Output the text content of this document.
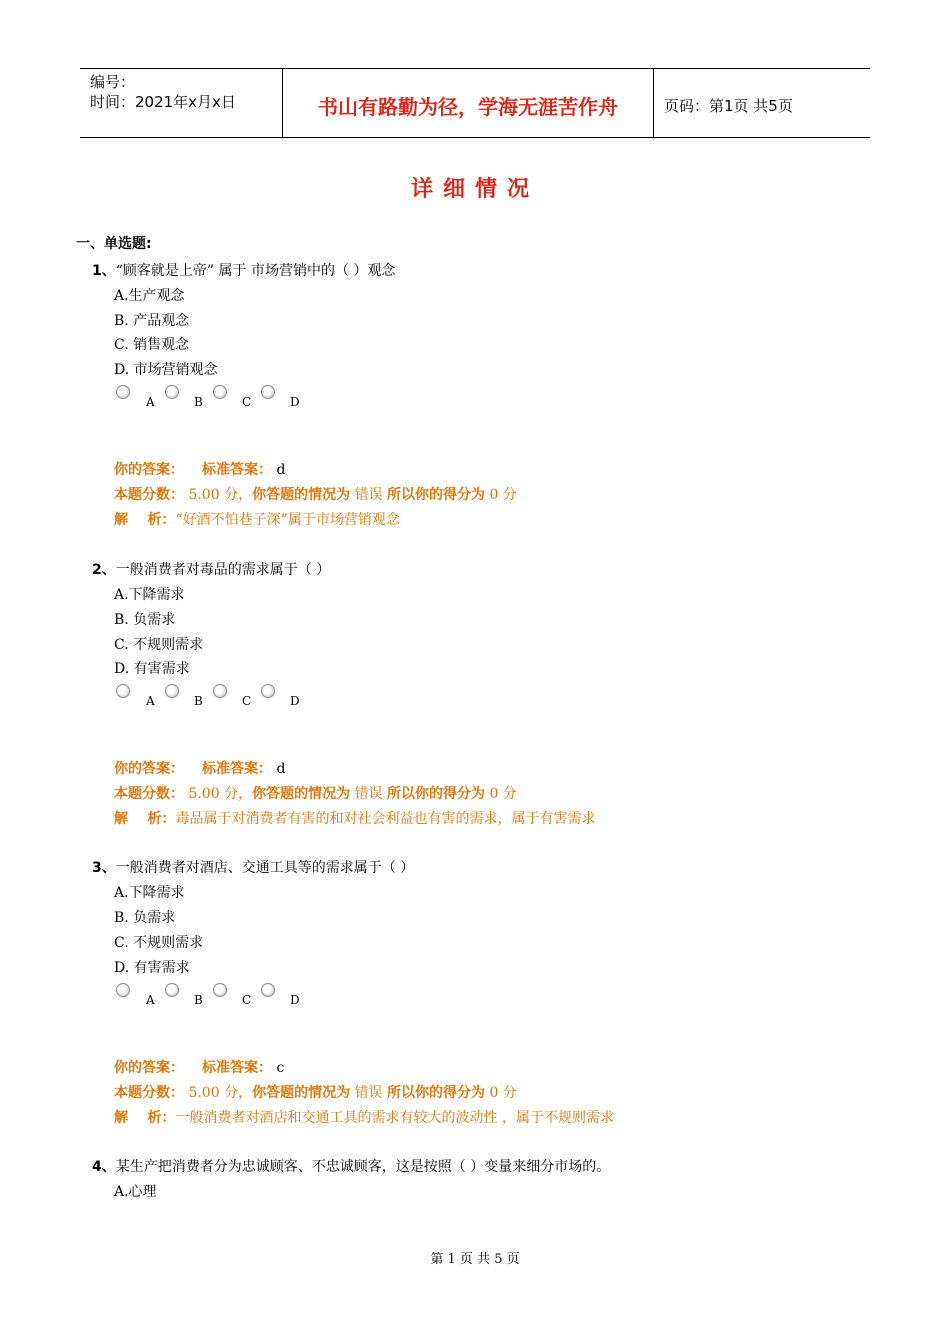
编号：
时间：2021年x月x日	书山有路勤为径，学海无涯苦作舟	页码：第1页 共5页
详细情况
一、单选题:
1、“顾客就是上帝” 属于 市场营销中的（ ）观念
A.生产观念
B. 产品观念
C. 销售观念
D. 市场营销观念
A	B	C	D
你的答案： 标准答案： d
本题分数： 5.00 分，你答题的情况为 错误 所以你的得分为 0 分
解    析：“好酒不怕巷子深”属于市场营销观念
2、一般消费者对毒品的需求属于（ ）
A.下降需求
B. 负需求
C. 不规则需求
D. 有害需求
A	B	C	D
你的答案： 标准答案： d
本题分数： 5.00 分，你答题的情况为 错误 所以你的得分为 0 分
解    析：毒品属于对消费者有害的和对社会利益也有害的需求，属于有害需求
3、一般消费者对酒店、交通工具等的需求属于（ ）
A.下降需求
B. 负需求
C. 不规则需求
D. 有害需求
A	B	C	D
你的答案： 标准答案： c
本题分数： 5.00 分，你答题的情况为 错误 所以你的得分为 0 分
解    析：一般消费者对酒店和交通工具的需求有较大的波动性 ，属于不规则需求
4、某生产把消费者分为忠诚顾客、不忠诚顾客，这是按照（ ）变量来细分市场的。
A.心理
第 1 页 共 5 页
